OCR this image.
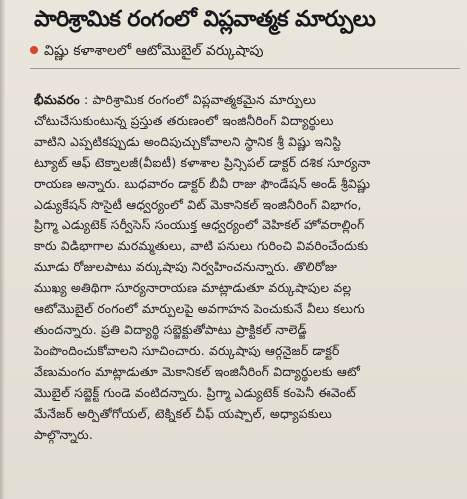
పారిశ్రామిక రంగంలో విప్లవాత్మక మార్పులు
విష్ణు కళాశాలలో ఆటోమొబైల్ వర్కుషాపు
భీమవరం : పారిశ్రామిక రంగంలో విప్లవాత్మకమైన మార్పులు
చోటుచేసుకుంటున్న ప్రస్తుత తరుణంలో ఇంజినీరింగ్ విద్యార్థులు
వాటిని ఎప్పటికప్పుడు అందిపుచ్చుకోవాలని స్థానిక శ్రీ విష్ణు ఇనిస్టి
ట్యూట్ ఆఫ్ టెక్నాలజీ(వీఐటీ) కళాశాల ప్రిన్సిపల్ డాక్టర్ దశిక సూర్యనా
రాయణ అన్నారు. బుధవారం డాక్టర్ బీవీ రాజు ఫౌండేషన్ అండ్ శ్రీవిష్ణు
ఎడ్యుకేషన్ సొసైటీ ఆధ్వర్యంలో విట్ మెకానికల్ ఇంజినీరింగ్ విభాగం,
ప్రిగ్మా ఎడ్యుటెక్ సర్వీసెస్ సంయుక్త ఆధ్వర్యంలో వెహికల్ హోవరాల్లింగ్
కారు విడిభాగాల మరమ్మతులు, వాటి పనులు గురించి వివరించేందుకు
మూడు రోజులపాటు వర్కుషాపు నిర్వహించనున్నారు. తొలిరోజు
ముఖ్య అతిథిగా సూర్యనారాయణ మాట్లాడుతూ వర్కుషాపుల వల్ల
ఆటోమొబైల్ రంగంలో మార్పులపై అవగాహన పెంచుకునే వీలు కలుగు
తుందన్నారు. ప్రతి విద్యార్థి సబ్జెక్టుతోపాటు ప్రాక్టికల్ నాలెడ్జ్
పెంపొందించుకోవాలని సూచించారు. వర్కుషాపు ఆర్గనైజర్ డాక్టర్
వేణుమంగం మాట్లాడుతూ మెకానికల్ ఇంజినీరింగ్ విద్యార్థులకు ఆటో
మొబైల్ సబ్జెక్ట్ గుండె వంటిదన్నారు. ప్రిగ్మా ఎడ్యుటెక్ కంపెనీ ఈవెంట్
మేనేజర్ అర్పితోగోయల్, టెక్నికల్ చీఫ్ యష్పాల్, అధ్యాపకులు
పాల్గొన్నారు.
